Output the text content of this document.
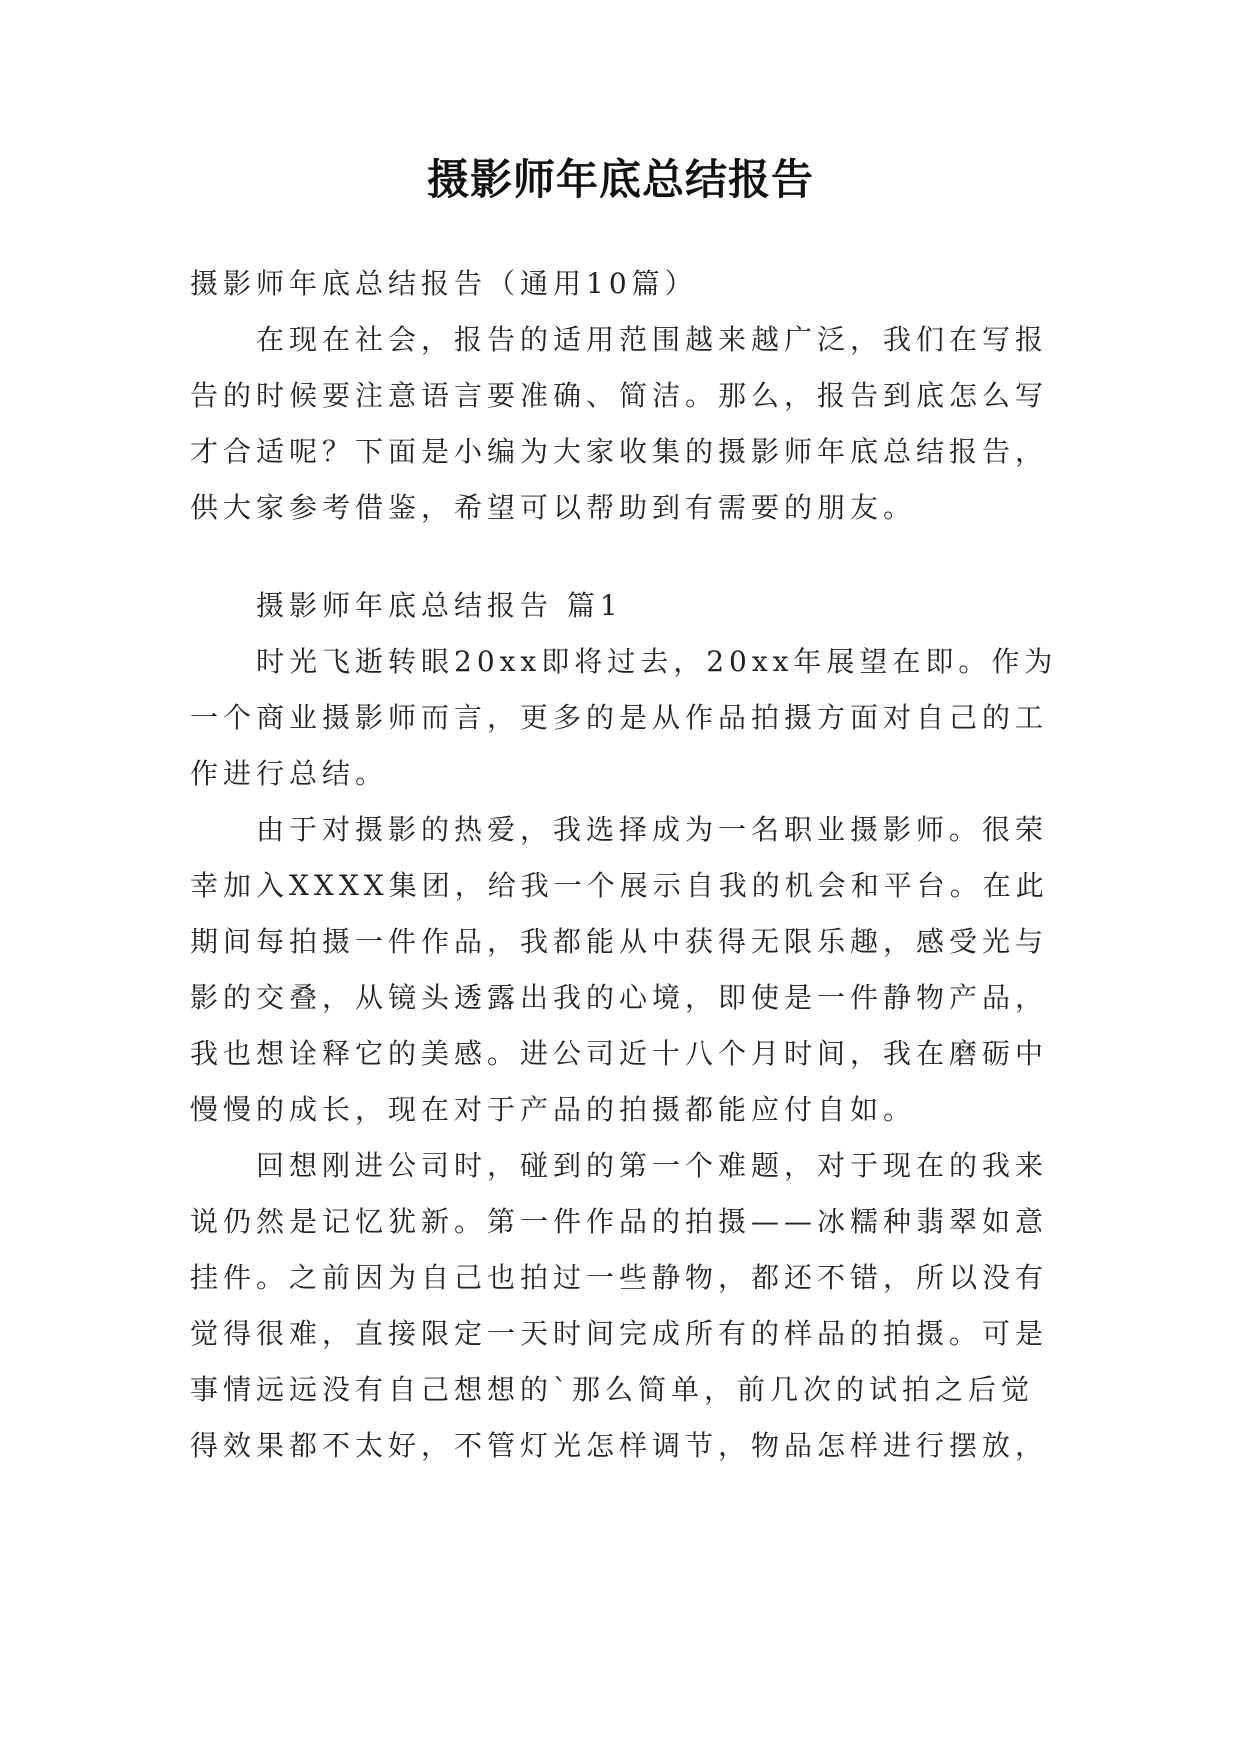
摄影师年底总结报告
摄影师年底总结报告（通用10篇）
在现在社会，报告的适用范围越来越广泛，我们在写报
告的时候要注意语言要准确、简洁。那么，报告到底怎么写
才合适呢？下面是小编为大家收集的摄影师年底总结报告，
供大家参考借鉴，希望可以帮助到有需要的朋友。
摄影师年底总结报告 篇1
时光飞逝转眼20xx即将过去，20xx年展望在即。作为
一个商业摄影师而言，更多的是从作品拍摄方面对自己的工
作进行总结。
由于对摄影的热爱，我选择成为一名职业摄影师。很荣
幸加入XXXX集团，给我一个展示自我的机会和平台。在此
期间每拍摄一件作品，我都能从中获得无限乐趣，感受光与
影的交叠，从镜头透露出我的心境，即使是一件静物产品，
我也想诠释它的美感。进公司近十八个月时间，我在磨砺中
慢慢的成长，现在对于产品的拍摄都能应付自如。
回想刚进公司时，碰到的第一个难题，对于现在的我来
说仍然是记忆犹新。第一件作品的拍摄——冰糯种翡翠如意
挂件。之前因为自己也拍过一些静物，都还不错，所以没有
觉得很难，直接限定一天时间完成所有的样品的拍摄。可是
事情远远没有自己想想的`那么简单，前几次的试拍之后觉
得效果都不太好，不管灯光怎样调节，物品怎样进行摆放，
